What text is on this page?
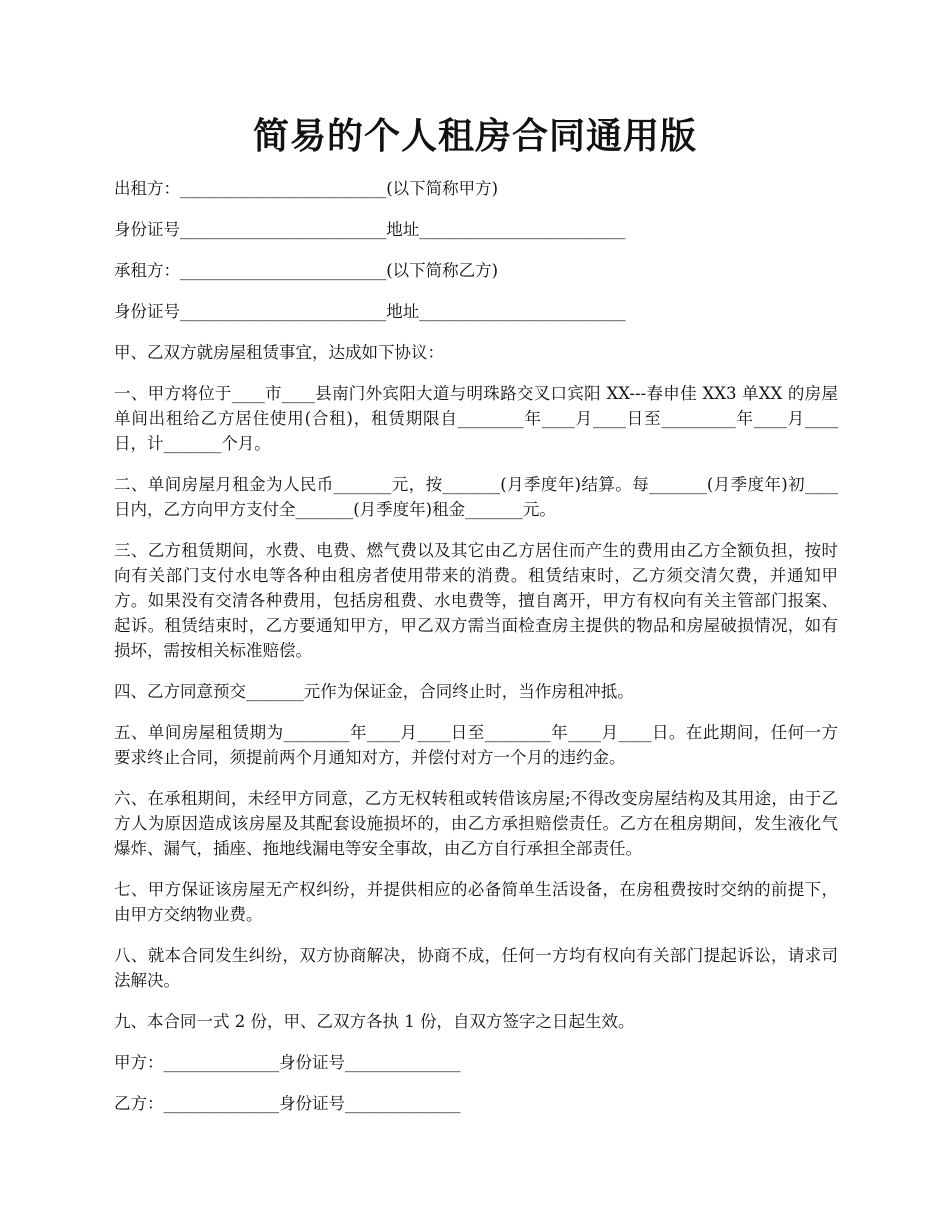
简易的个人租房合同通用版

出租方：_________________________(以下简称甲方)

身份证号_________________________地址_________________________

承租方：_________________________(以下简称乙方)

身份证号_________________________地址_________________________

甲、乙双方就房屋租赁事宜，达成如下协议：

一、甲方将位于____市____县南门外宾阳大道与明珠路交叉口宾阳 XX---春申佳 XX3 单XX 的房屋单间出租给乙方居住使用(合租)，租赁期限自________年____月____日至_________年____月____日，计_______个月。

二、单间房屋月租金为人民币_______元，按_______(月季度年)结算。每_______(月季度年)初____日内，乙方向甲方支付全_______(月季度年)租金_______元。

三、乙方租赁期间，水费、电费、燃气费以及其它由乙方居住而产生的费用由乙方全额负担，按时向有关部门支付水电等各种由租房者使用带来的消费。租赁结束时，乙方须交清欠费，并通知甲方。如果没有交清各种费用，包括房租费、水电费等，擅自离开，甲方有权向有关主管部门报案、起诉。租赁结束时，乙方要通知甲方，甲乙双方需当面检查房主提供的物品和房屋破损情况，如有损坏，需按相关标准赔偿。

四、乙方同意预交_______元作为保证金，合同终止时，当作房租冲抵。

五、单间房屋租赁期为________年____月____日至________年____月____日。在此期间，任何一方要求终止合同，须提前两个月通知对方，并偿付对方一个月的违约金。

六、在承租期间，未经甲方同意，乙方无权转租或转借该房屋;不得改变房屋结构及其用途，由于乙方人为原因造成该房屋及其配套设施损坏的，由乙方承担赔偿责任。乙方在租房期间，发生液化气爆炸、漏气，插座、拖地线漏电等安全事故，由乙方自行承担全部责任。

七、甲方保证该房屋无产权纠纷，并提供相应的必备简单生活设备，在房租费按时交纳的前提下，由甲方交纳物业费。

八、就本合同发生纠纷，双方协商解决，协商不成，任何一方均有权向有关部门提起诉讼，请求司法解决。

九、本合同一式 2 份，甲、乙双方各执 1 份，自双方签字之日起生效。

甲方：______________身份证号______________

乙方：______________身份证号______________
